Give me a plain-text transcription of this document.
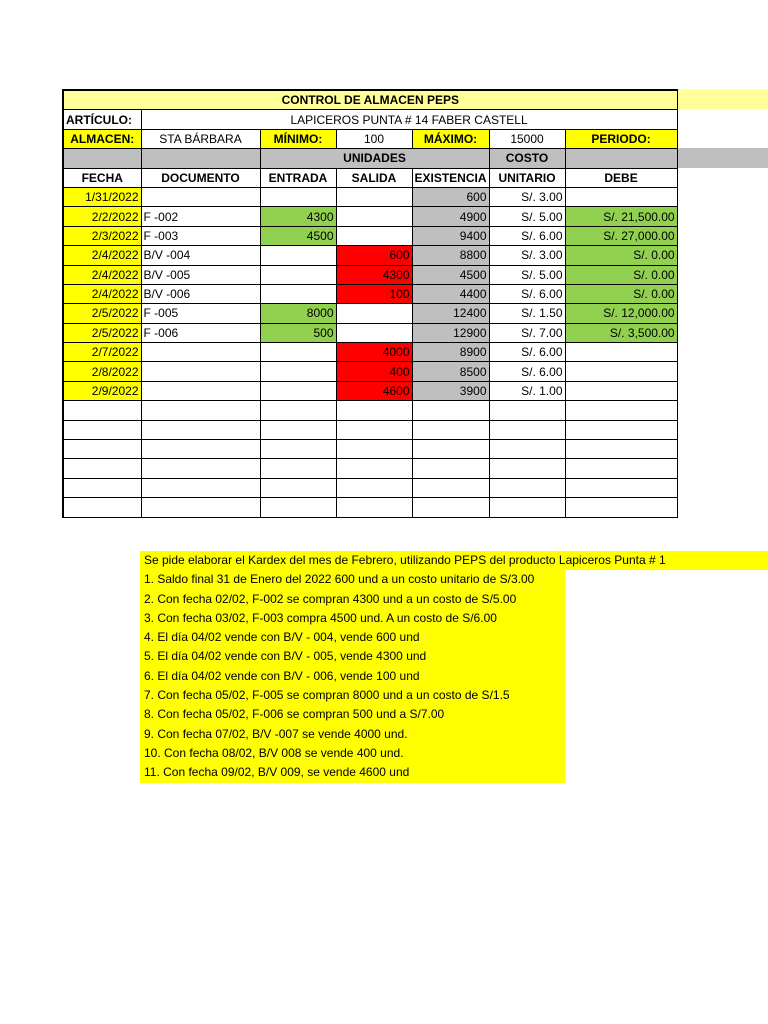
CONTROL DE ALMACEN PEPS						
ARTÍCULO:	LAPICEROS PUNTA # 14 FABER CASTELL					
ALMACEN:	STA BÁRBARA	MÍNIMO:	100	MÁXIMO:	15000	PERIODO:
		UNIDADES			COSTO	
FECHA	DOCUMENTO	ENTRADA	SALIDA	EXISTENCIA	UNITARIO	DEBE
1/31/2022				600	S/. 3.00	
2/2/2022	F -002	4300		4900	S/. 5.00	S/. 21,500.00
2/3/2022	F -003	4500		9400	S/. 6.00	S/. 27,000.00
2/4/2022	B/V -004		600	8800	S/. 3.00	S/. 0.00
2/4/2022	B/V -005		4300	4500	S/. 5.00	S/. 0.00
2/4/2022	B/V -006		100	4400	S/. 6.00	S/. 0.00
2/5/2022	F -005	8000		12400	S/. 1.50	S/. 12,000.00
2/5/2022	F -006	500		12900	S/. 7.00	S/. 3,500.00
2/7/2022			4000	8900	S/. 6.00	
2/8/2022			400	8500	S/. 6.00	
2/9/2022			4600	3900	S/. 1.00	

Se pide elaborar el Kardex del mes de Febrero, utilizando PEPS del producto Lapiceros Punta # 1
1. Saldo final 31 de Enero del 2022 600 und a un costo unitario de S/3.00
2. Con fecha 02/02, F-002 se compran 4300 und a un costo de S/5.00
3. Con fecha 03/02, F-003 compra 4500 und. A un costo de S/6.00
4. El día 04/02 vende con B/V - 004, vende 600 und
5. El día 04/02 vende con B/V - 005, vende 4300 und
6. El día 04/02 vende con B/V - 006, vende 100 und
7. Con fecha 05/02, F-005 se compran 8000 und a un costo de S/1.5
8. Con fecha 05/02, F-006 se compran 500 und a S/7.00
9. Con fecha 07/02, B/V -007 se vende 4000 und.
10. Con fecha 08/02, B/V 008 se vende 400 und.
11. Con fecha 09/02, B/V 009, se vende 4600 und
